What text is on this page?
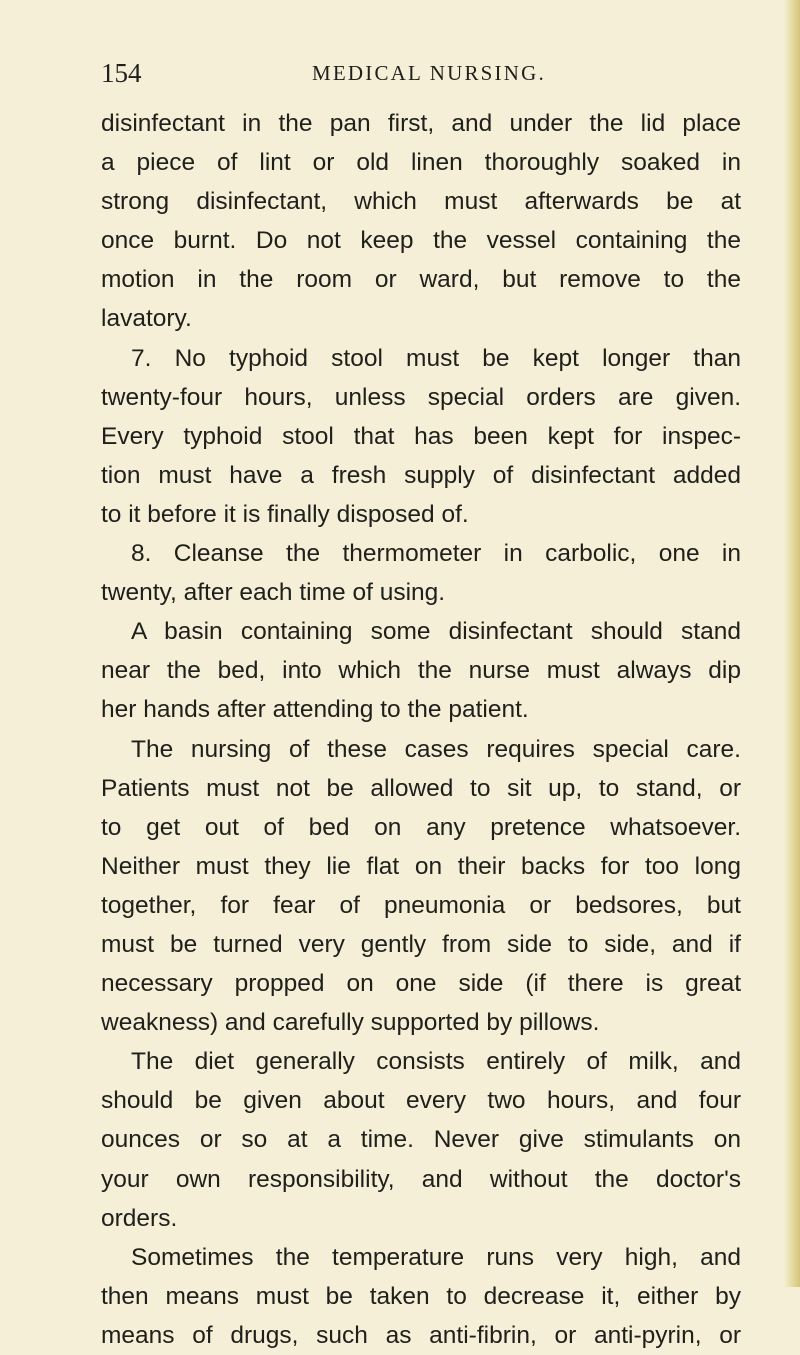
154	MEDICAL NURSING.
disinfectant in the pan first, and under the lid place
a piece of lint or old linen thoroughly soaked in
strong disinfectant, which must afterwards be at
once burnt. Do not keep the vessel containing the
motion in the room or ward, but remove to the
lavatory.
7. No typhoid stool must be kept longer than
twenty-four hours, unless special orders are given.
Every typhoid stool that has been kept for inspec-
tion must have a fresh supply of disinfectant added
to it before it is finally disposed of.
8. Cleanse the thermometer in carbolic, one in
twenty, after each time of using.
A basin containing some disinfectant should stand
near the bed, into which the nurse must always dip
her hands after attending to the patient.
The nursing of these cases requires special care.
Patients must not be allowed to sit up, to stand, or
to get out of bed on any pretence whatsoever.
Neither must they lie flat on their backs for too long
together, for fear of pneumonia or bedsores, but
must be turned very gently from side to side, and if
necessary propped on one side (if there is great
weakness) and carefully supported by pillows.
The diet generally consists entirely of milk, and
should be given about every two hours, and four
ounces or so at a time. Never give stimulants on
your own responsibility, and without the doctor's
orders.
Sometimes the temperature runs very high, and
then means must be taken to decrease it, either by
means of drugs, such as anti-fibrin, or anti-pyrin, or
